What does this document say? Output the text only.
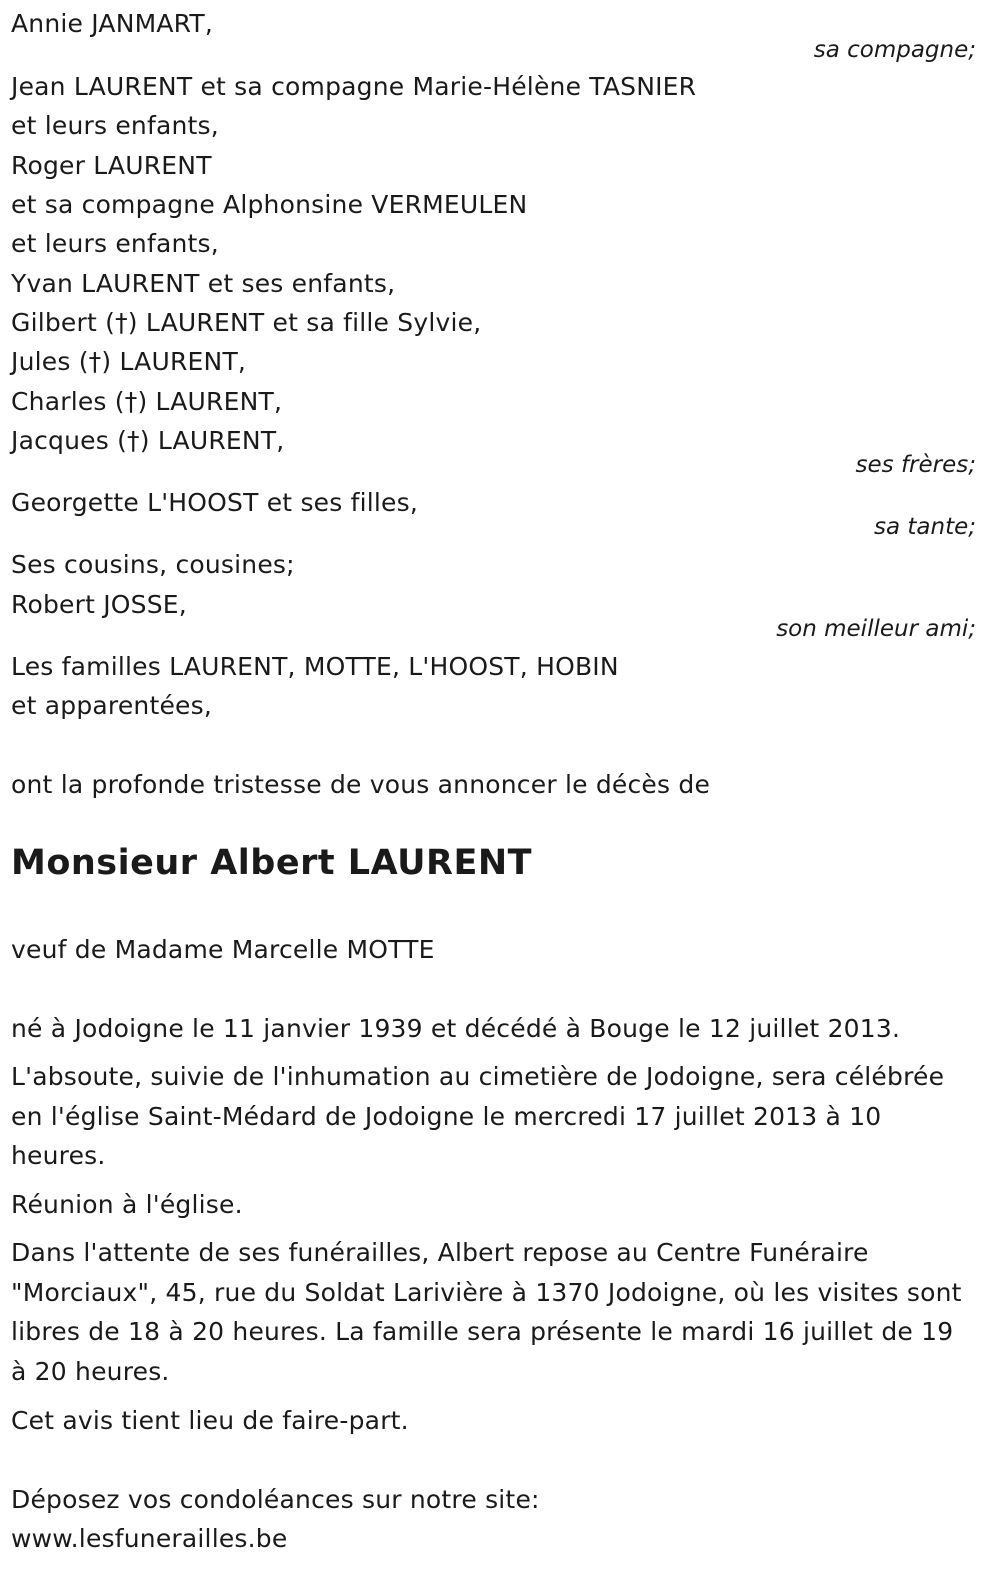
Annie JANMART,
sa compagne;
Jean LAURENT et sa compagne Marie-Hélène TASNIER
et leurs enfants,
Roger LAURENT
et sa compagne Alphonsine VERMEULEN
et leurs enfants,
Yvan LAURENT et ses enfants,
Gilbert (†) LAURENT et sa fille Sylvie,
Jules (†) LAURENT,
Charles (†) LAURENT,
Jacques (†) LAURENT,
ses frères;
Georgette L'HOOST et ses filles,
sa tante;
Ses cousins, cousines;
Robert JOSSE,
son meilleur ami;
Les familles LAURENT, MOTTE, L'HOOST, HOBIN
et apparentées,
ont la profonde tristesse de vous annoncer le décès de
Monsieur Albert LAURENT
veuf de Madame Marcelle MOTTE
né à Jodoigne le 11 janvier 1939 et décédé à Bouge le 12 juillet 2013.
L'absoute, suivie de l'inhumation au cimetière de Jodoigne, sera célébrée en l'église Saint-Médard de Jodoigne le mercredi 17 juillet 2013 à 10 heures.
Réunion à l'église.
Dans l'attente de ses funérailles, Albert repose au Centre Funéraire "Morciaux", 45, rue du Soldat Larivière à 1370 Jodoigne, où les visites sont libres de 18 à 20 heures. La famille sera présente le mardi 16 juillet de 19 à 20 heures.
Cet avis tient lieu de faire-part.
Déposez vos condoléances sur notre site:
www.lesfunerailles.be
